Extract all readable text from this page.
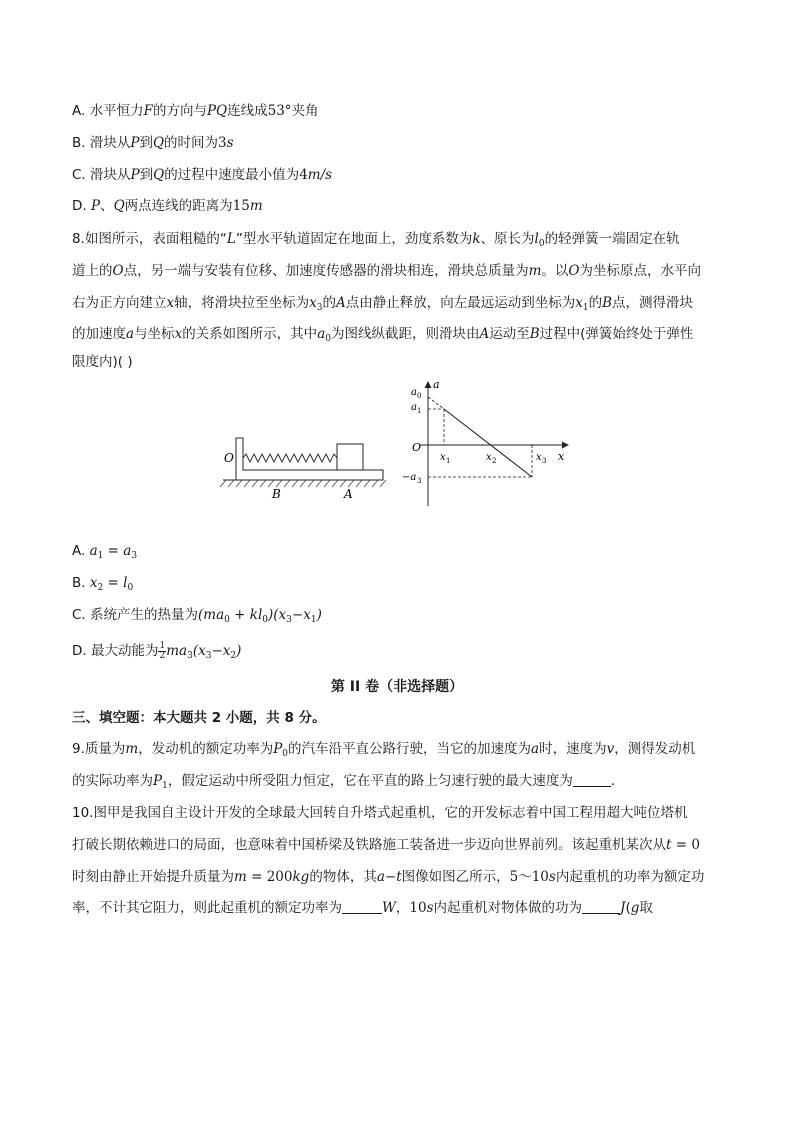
A. 水平恒力F的方向与PQ连线成53°夹角
B. 滑块从P到Q的时间为3s
C. 滑块从P到Q的过程中速度最小值为4m/s
D. P、Q两点连线的距离为15m
8.如图所示，表面粗糙的“L”型水平轨道固定在地面上，劲度系数为k、原长为$l_0$的轻弹簧一端固定在轨
道上的O点，另一端与安装有位移、加速度传感器的滑块相连，滑块总质量为m。以O为坐标原点，水平向
右为正方向建立x轴，将滑块拉至坐标为$x_3$的A点由静止释放，向左最远运动到坐标为$x_1$的B点，测得滑块
的加速度a与坐标x的关系如图所示，其中$a_0$为图线纵截距，则滑块由A运动至B过程中(弹簧始终处于弹性
限度内)( )
O
B	A
a
a 0
a 1
O
x 1	x 2	x 3 x
−a 3
A. $a_1 = a_3$
B. $x_2 = l_0$
C. 系统产生的热量为$(ma_0 + kl_0)(x_3-x_1)$
D. 最大动能为 $\frac{1}{2} ma_3(x_3-x_2)$
第 II 卷（非选择题）
三、填空题：本大题共 2 小题，共 8 分。
9.质量为m，发动机的额定功率为$P_0$的汽车沿平直公路行驶，当它的加速度为a时，速度为v，测得发动机
的实际功率为$P_1$，假定运动中所受阻力恒定，它在平直的路上匀速行驶的最大速度为	.
10.图甲是我国自主设计开发的全球最大回转自升塔式起重机，它的开发标志着中国工程用超大吨位塔机
打破长期依赖进口的局面，也意味着中国桥梁及铁路施工装备进一步迈向世界前列。该起重机某次从t = 0
时刻由静止开始提升质量为m = 200kg的物体，其a−t图像如图乙所示，5～10s内起重机的功率为额定功
率，不计其它阻力，则此起重机的额定功率为	W，10s内起重机对物体做的功为	J(g取
